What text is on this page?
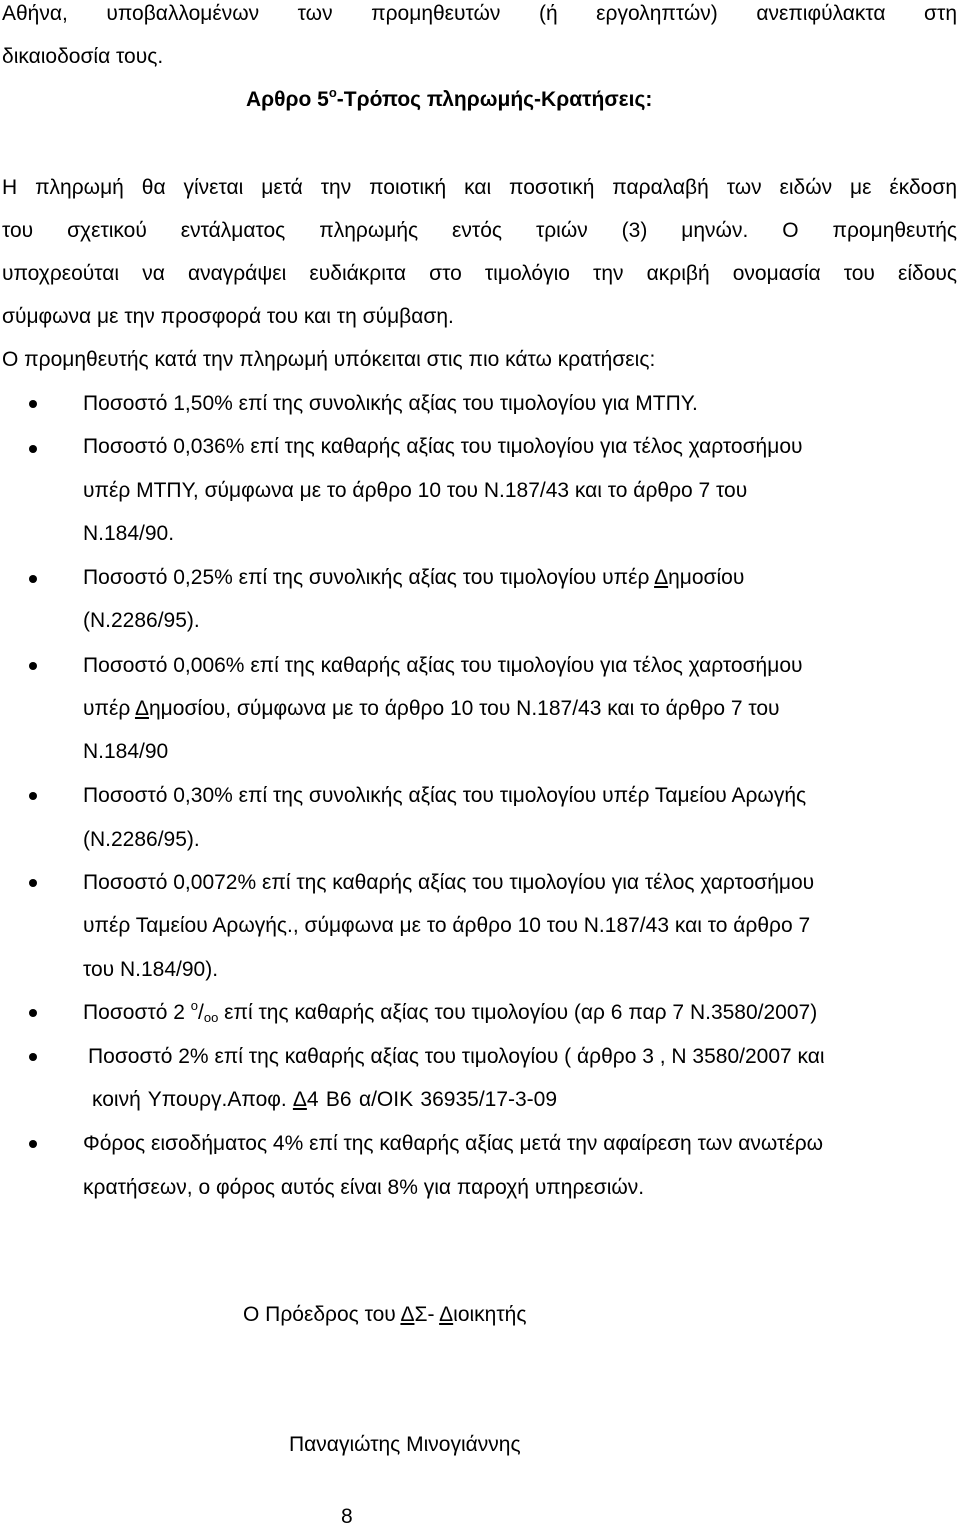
Αθήνα, υποβαλλομένων των προμηθευτών (ή εργοληπτών) ανεπιφύλακτα στη
δικαιοδοσία τους.
Αρθρο $5^o$-Τρόπος πληρωμής-Κρατήσεις:
Η πληρωμή θα γίνεται μετά την ποιοτική και ποσοτική παραλαβή των ειδών με έκδοση
του σχετικού εντάλματος πληρωμής εντός τριών (3) μηνών. Ο προμηθευτής
υποχρεούται να αναγράψει ευδιάκριτα στο τιμολόγιο την ακριβή ονομασία του είδους
σύμφωνα με την προσφορά του και τη σύμβαση.
Ο προμηθευτής κατά την πληρωμή υπόκειται στις πιο κάτω κρατήσεις:
Ποσοστό 1,50% επί της συνολικής αξίας του τιμολογίου για ΜΤΠΥ.
Ποσοστό 0,036% επί της καθαρής αξίας του τιμολογίου για τέλος χαρτοσήμου
υπέρ ΜΤΠΥ, σύμφωνα με το άρθρο 10 του Ν.187/43 και το άρθρο 7 του
Ν.184/90.
Ποσοστό 0,25% επί της συνολικής αξίας του τιμολογίου υπέρ Δημοσίου
(Ν.2286/95).
Ποσοστό 0,006% επί της καθαρής αξίας του τιμολογίου για τέλος χαρτοσήμου
υπέρ Δημοσίου, σύμφωνα με το άρθρο 10 του Ν.187/43 και το άρθρο 7 του
Ν.184/90
Ποσοστό 0,30% επί της συνολικής αξίας του τιμολογίου υπέρ Ταμείου Αρωγής
(Ν.2286/95).
Ποσοστό 0,0072% επί της καθαρής αξίας του τιμολογίου για τέλος χαρτοσήμου
υπέρ Ταμείου Αρωγής., σύμφωνα με το άρθρο 10 του Ν.187/43 και το άρθρο 7
του Ν.184/90).
Ποσοστό 2 $^o/_{oo}$ επί της καθαρής αξίας του τιμολογίου (αρ 6 παρ 7 Ν.3580/2007)
Ποσοστό 2% επί της καθαρής αξίας του τιμολογίου ( άρθρο 3 , Ν 3580/2007 και
κοινή Υπουργ.Αποφ. Δ4 Β6 α/ΟΙΚ 36935/17-3-09
Φόρος εισοδήματος 4% επί της καθαρής αξίας μετά την αφαίρεση των ανωτέρω
κρατήσεων, ο φόρος αυτός είναι 8% για παροχή υπηρεσιών.
Ο Πρόεδρος του ΔΣ- Διοικητής
Παναγιώτης Μινογιάννης
8
